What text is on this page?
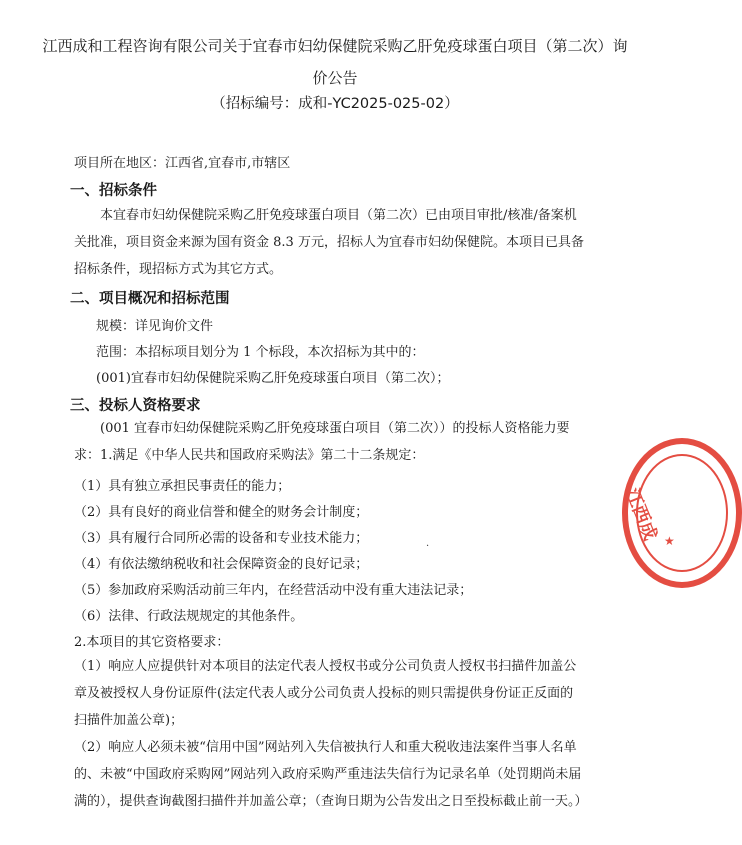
江西成和工程咨询有限公司关于宜春市妇幼保健院采购乙肝免疫球蛋白项目（第二次）询价公告
（招标编号：成和-YC2025-025-02）
项目所在地区：江西省,宜春市,市辖区
一、招标条件
本宜春市妇幼保健院采购乙肝免疫球蛋白项目（第二次）已由项目审批/核准/备案机关批准，项目资金来源为国有资金 8.3 万元，招标人为宜春市妇幼保健院。本项目已具备招标条件，现招标方式为其它方式。
二、项目概况和招标范围
规模：详见询价文件
范围：本招标项目划分为 1 个标段，本次招标为其中的：
(001)宜春市妇幼保健院采购乙肝免疫球蛋白项目（第二次）；
三、投标人资格要求
(001 宜春市妇幼保健院采购乙肝免疫球蛋白项目（第二次））的投标人资格能力要求：1.满足《中华人民共和国政府采购法》第二十二条规定：
（1）具有独立承担民事责任的能力；
（2）具有良好的商业信誉和健全的财务会计制度；
（3）具有履行合同所必需的设备和专业技术能力；
（4）有依法缴纳税收和社会保障资金的良好记录；
（5）参加政府采购活动前三年内，在经营活动中没有重大违法记录；
（6）法律、行政法规规定的其他条件。
2.本项目的其它资格要求：
（1）响应人应提供针对本项目的法定代表人授权书或分公司负责人授权书扫描件加盖公章及被授权人身份证原件(法定代表人或分公司负责人投标的则只需提供身份证正反面的扫描件加盖公章)；
（2）响应人必须未被“信用中国”网站列入失信被执行人和重大税收违法案件当事人名单的、未被“中国政府采购网”网站列入政府采购严重违法失信行为记录名单（处罚期尚未届满的），提供查询截图扫描件并加盖公章；（查询日期为公告发出之日至投标截止前一天。）
·
江西成 ★
